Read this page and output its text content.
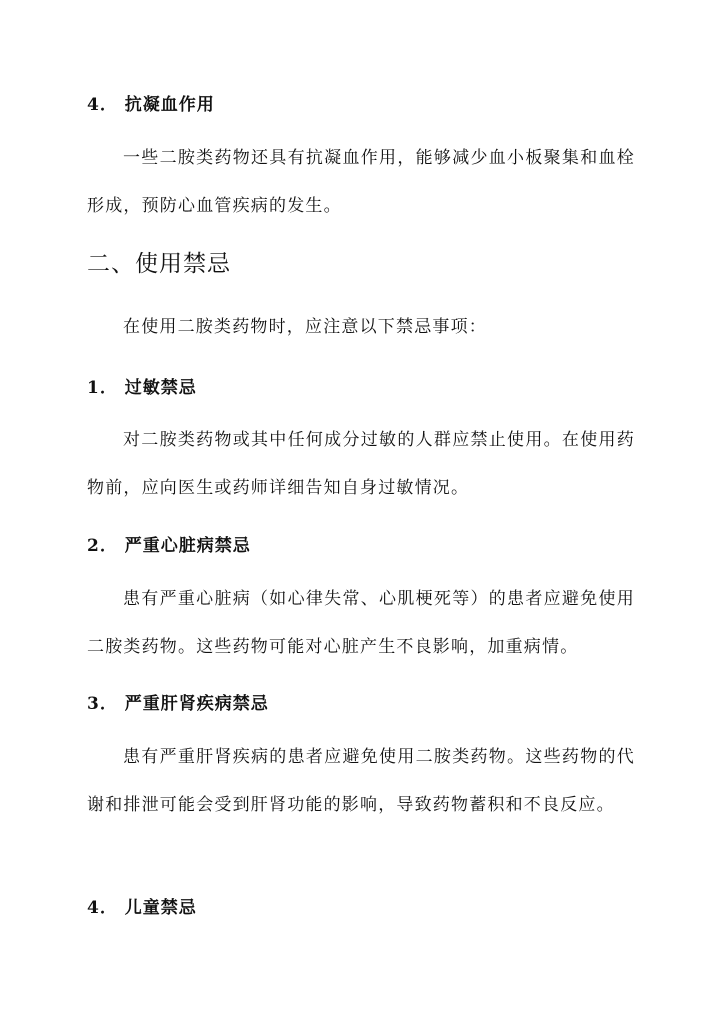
4． 抗凝血作用

一些二胺类药物还具有抗凝血作用，能够减少血小板聚集和血栓形成，预防心血管疾病的发生。

二、使用禁忌

在使用二胺类药物时，应注意以下禁忌事项：

1． 过敏禁忌

对二胺类药物或其中任何成分过敏的人群应禁止使用。在使用药物前，应向医生或药师详细告知自身过敏情况。

2． 严重心脏病禁忌

患有严重心脏病（如心律失常、心肌梗死等）的患者应避免使用二胺类药物。这些药物可能对心脏产生不良影响，加重病情。

3． 严重肝肾疾病禁忌

患有严重肝肾疾病的患者应避免使用二胺类药物。这些药物的代谢和排泄可能会受到肝肾功能的影响，导致药物蓄积和不良反应。

4． 儿童禁忌
